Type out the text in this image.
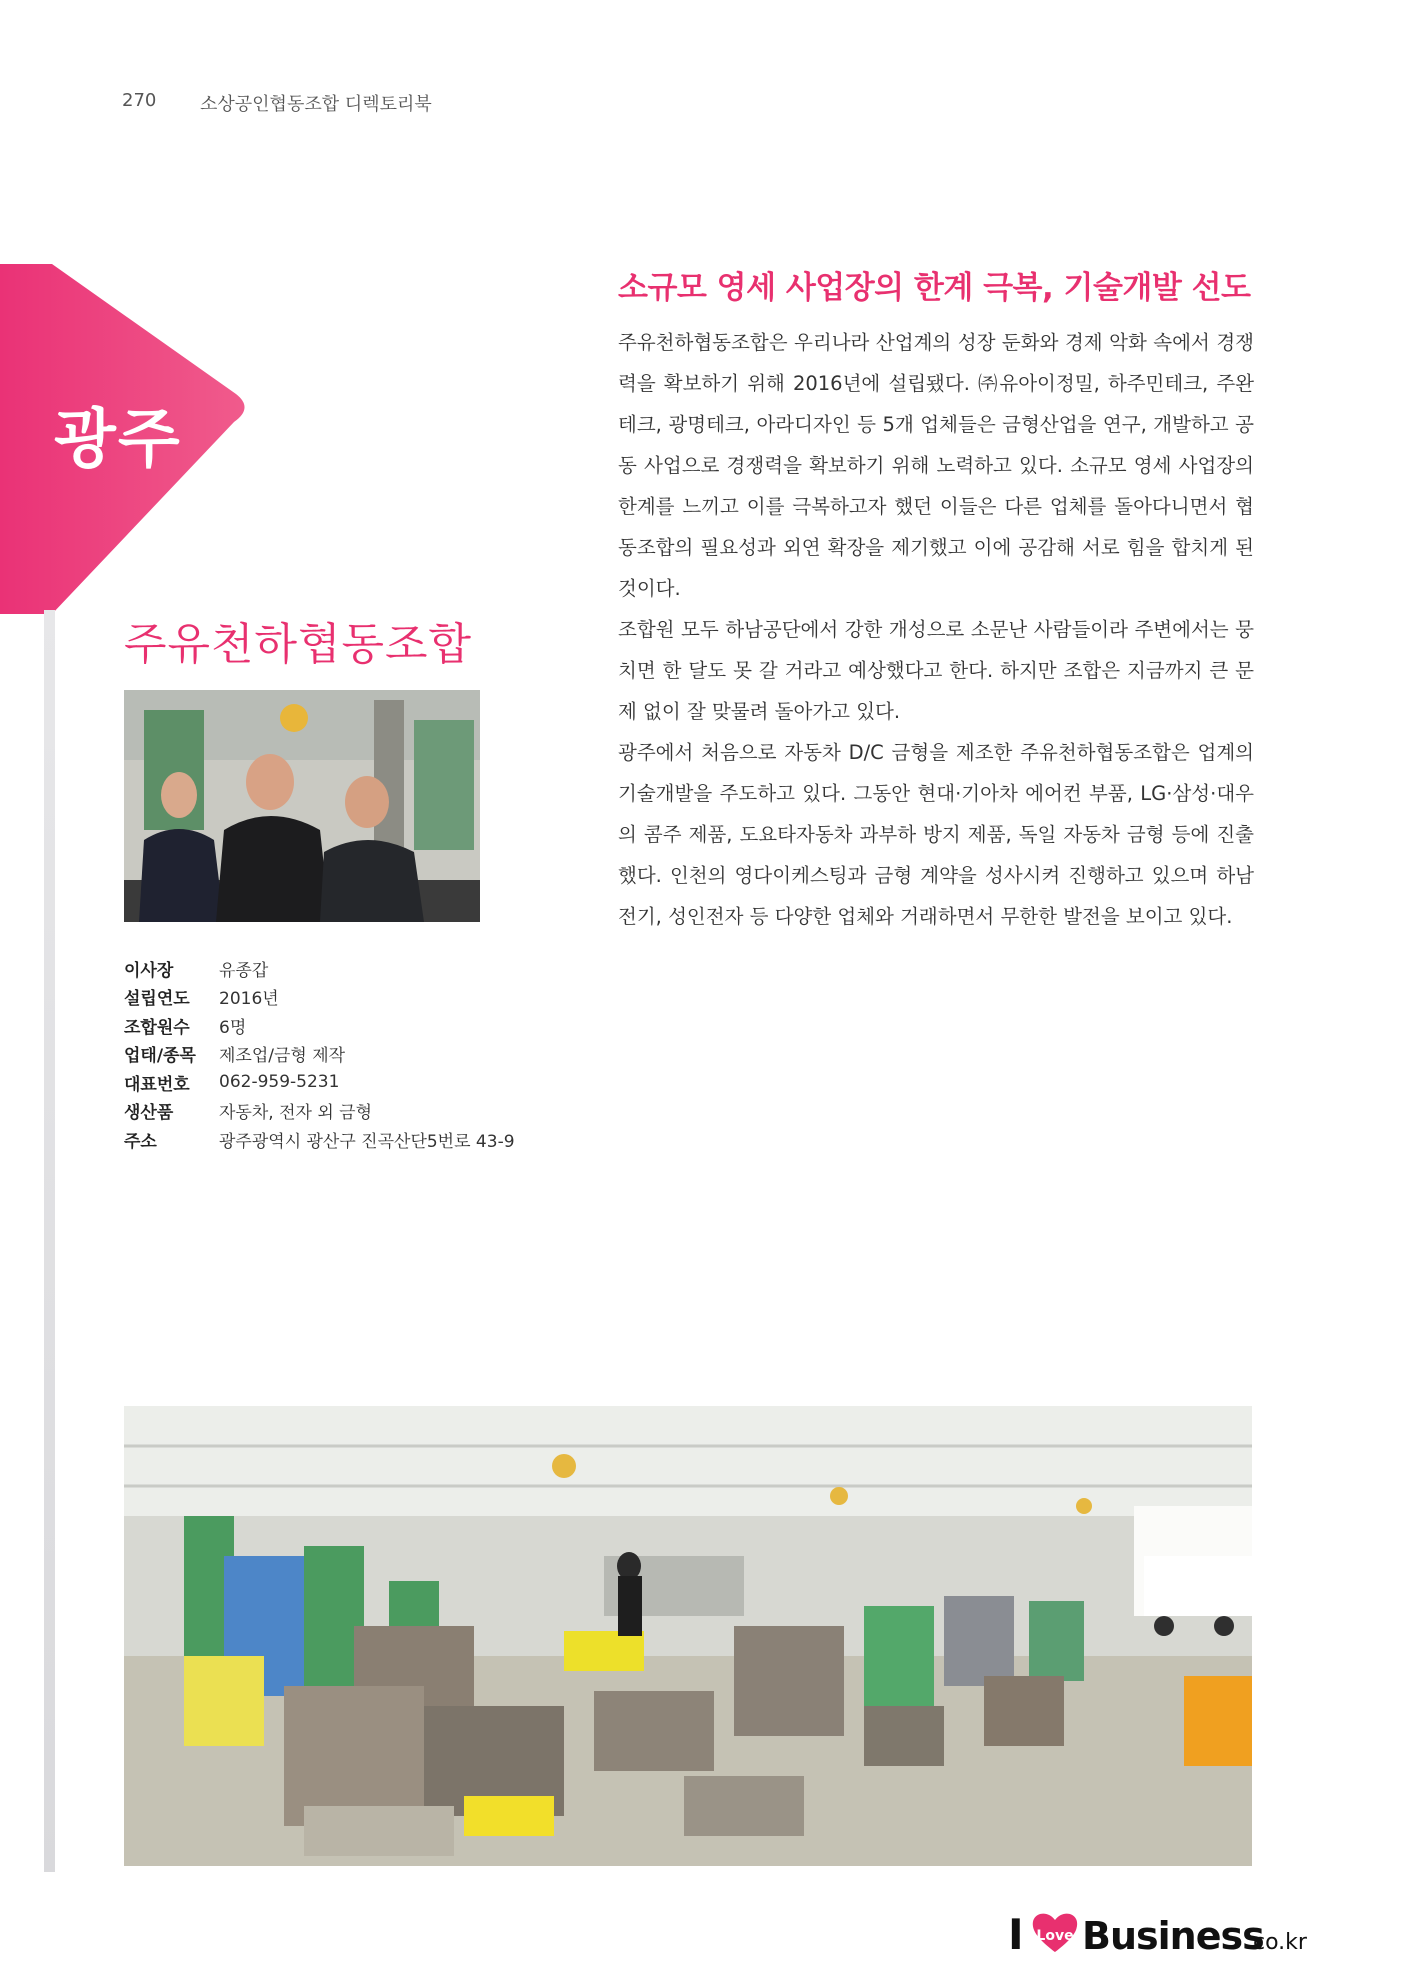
270 소상공인협동조합 디렉토리북
광주
주유천하협동조합
이사장	유종갑
설립연도	2016년
조합원수	6명
업태/종목	제조업/금형 제작
대표번호	062-959-5231
생산품	자동차, 전자 외 금형
주소	광주광역시 광산구 진곡산단5번로 43-9
소규모 영세 사업장의 한계 극복, 기술개발 선도

주유천하협동조합은 우리나라 산업계의 성장 둔화와 경제 악화 속에서 경쟁력을 확보하기 위해 2016년에 설립됐다. ㈜유아이정밀, 하주민테크, 주완테크, 광명테크, 아라디자인 등 5개 업체들은 금형산업을 연구, 개발하고 공동 사업으로 경쟁력을 확보하기 위해 노력하고 있다. 소규모 영세 사업장의 한계를 느끼고 이를 극복하고자 했던 이들은 다른 업체를 돌아다니면서 협동조합의 필요성과 외연 확장을 제기했고 이에 공감해 서로 힘을 합치게 된 것이다.

조합원 모두 하남공단에서 강한 개성으로 소문난 사람들이라 주변에서는 뭉치면 한 달도 못 갈 거라고 예상했다고 한다. 하지만 조합은 지금까지 큰 문제 없이 잘 맞물려 돌아가고 있다.

광주에서 처음으로 자동차 D/C 금형을 제조한 주유천하협동조합은 업계의 기술개발을 주도하고 있다. 그동안 현대·기아차 에어컨 부품, LG·삼성·대우의 콤주 제품, 도요타자동차 과부하 방지 제품, 독일 자동차 금형 등에 진출했다. 인천의 영다이케스팅과 금형 계약을 성사시켜 진행하고 있으며 하남전기, 성인전자 등 다양한 업체와 거래하면서 무한한 발전을 보이고 있다.

I Love Business
.co.kr
